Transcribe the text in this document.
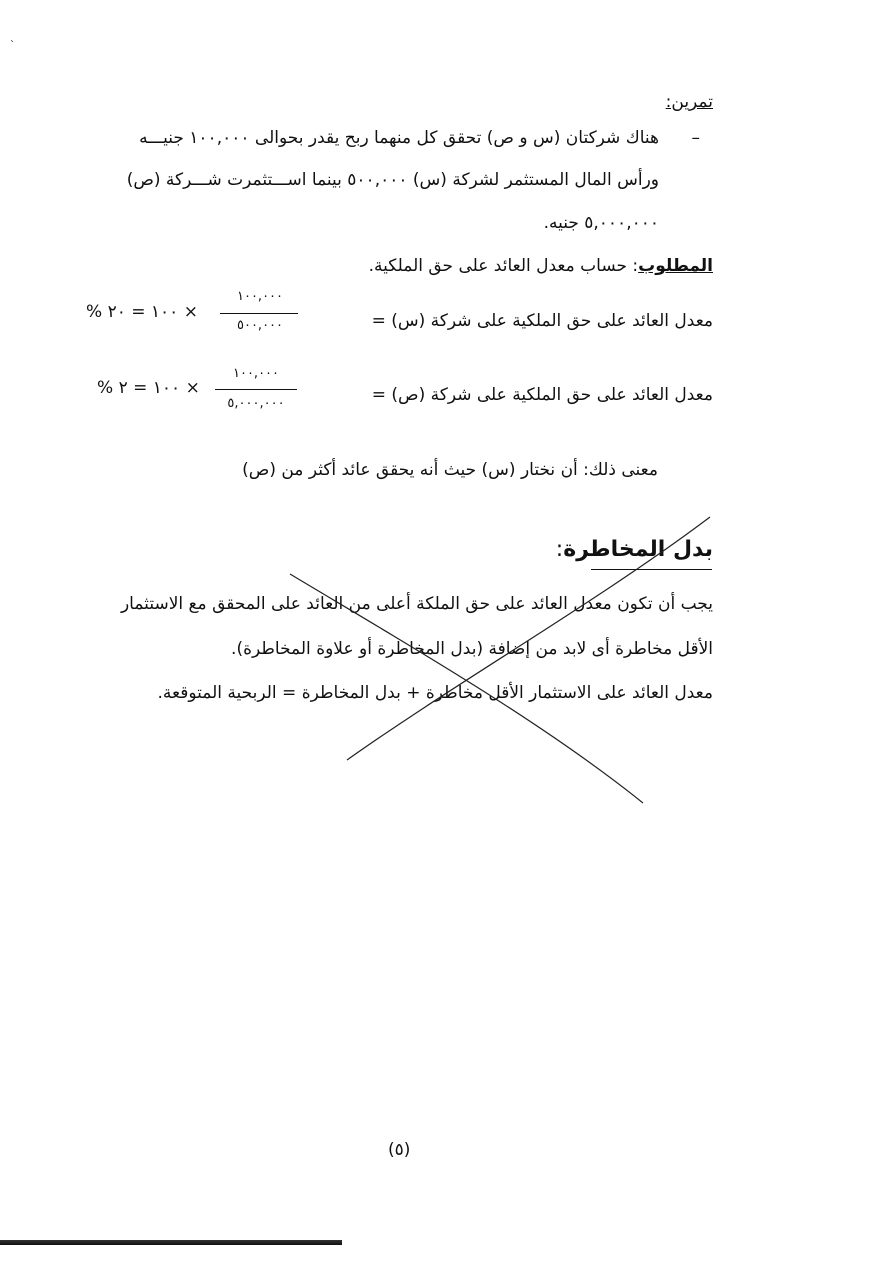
ˋ
تمرين:
–
هناك شركتان (س و ص) تحقق كل منهما ربح يقدر بحوالى ١٠٠,٠٠٠ جنيـــه
ورأس المال المستثمر لشركة (س) ٥٠٠,٠٠٠ بينما اســـتثمرت شـــركة (ص)
٥,٠٠٠,٠٠٠ جنيه.
المطلوب: حساب معدل العائد على حق الملكية.
معدل العائد على حق الملكية على شركة (س) =
١٠٠,٠٠٠
٥٠٠,٠٠٠
× ١٠٠ = ٢٠ %
معدل العائد على حق الملكية على شركة (ص) =
١٠٠,٠٠٠
٥,٠٠٠,٠٠٠
× ١٠٠ = ٢ %
معنى ذلك: أن نختار (س) حيث أنه يحقق عائد أكثر من (ص)
بدل المخاطرة:
يجب أن تكون معدل العائد على حق الملكة أعلى من العائد على المحقق مع الاستثمار
الأقل مخاطرة أى لابد من إضافة (بدل المخاطرة أو علاوة المخاطرة).
معدل العائد على الاستثمار الأقل مخاطرة + بدل المخاطرة = الربحية المتوقعة.
(٥)
